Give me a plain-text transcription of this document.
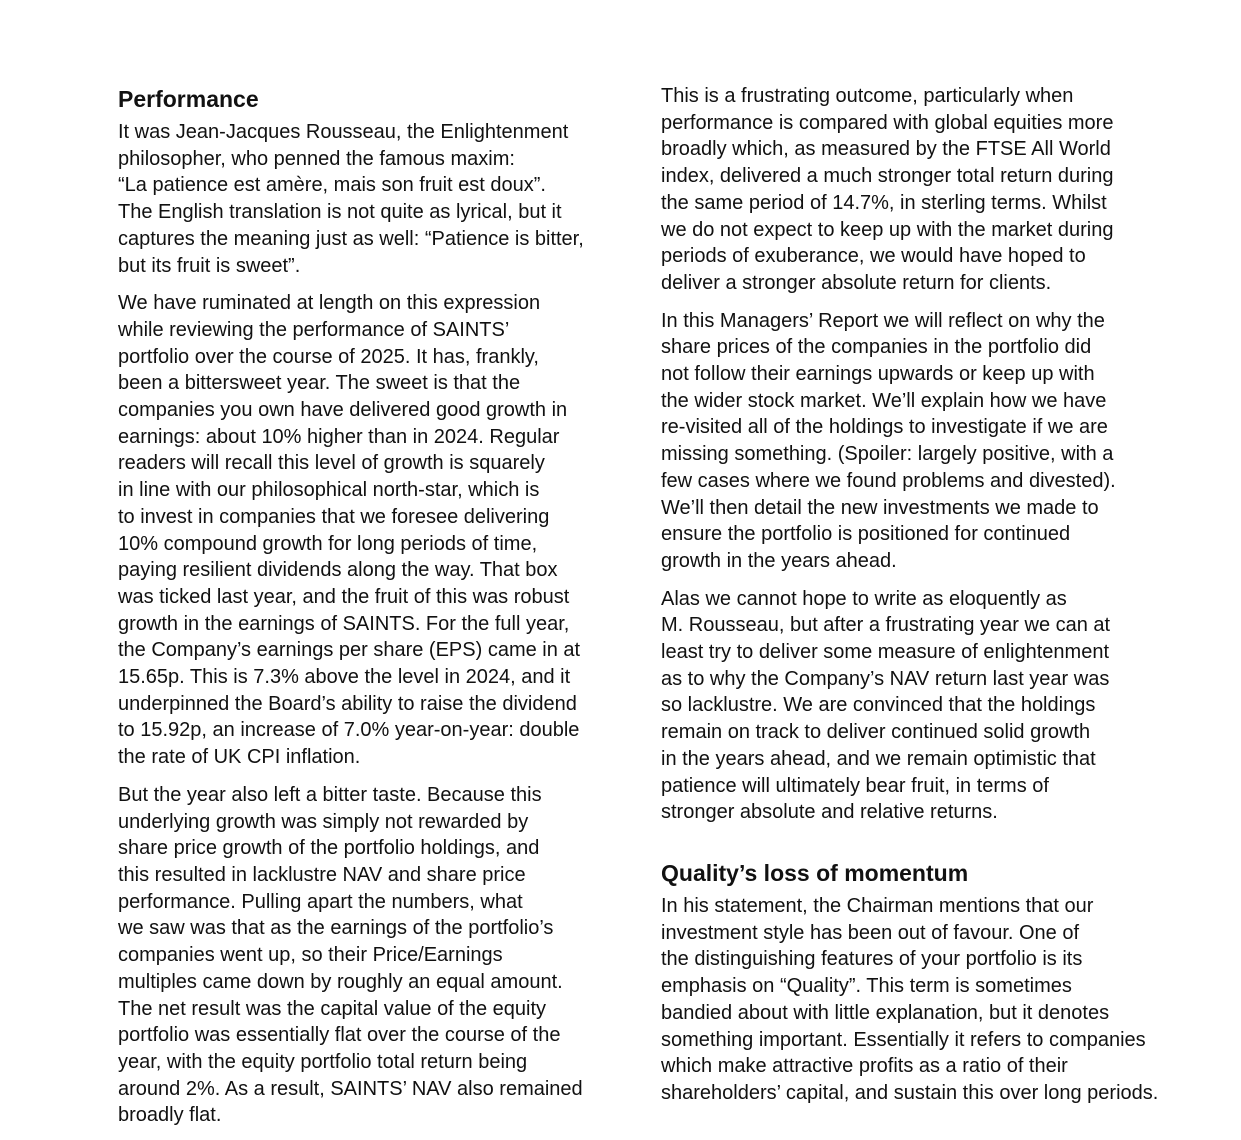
Performance

It was Jean-Jacques Rousseau, the Enlightenment
philosopher, who penned the famous maxim:
“La patience est amère, mais son fruit est doux”.
The English translation is not quite as lyrical, but it
captures the meaning just as well: “Patience is bitter,
but its fruit is sweet”.

We have ruminated at length on this expression
while reviewing the performance of SAINTS’
portfolio over the course of 2025. It has, frankly,
been a bittersweet year. The sweet is that the
companies you own have delivered good growth in
earnings: about 10% higher than in 2024. Regular
readers will recall this level of growth is squarely
in line with our philosophical north-star, which is
to invest in companies that we foresee delivering
10% compound growth for long periods of time,
paying resilient dividends along the way. That box
was ticked last year, and the fruit of this was robust
growth in the earnings of SAINTS. For the full year,
the Company’s earnings per share (EPS) came in at
15.65p. This is 7.3% above the level in 2024, and it
underpinned the Board’s ability to raise the dividend
to 15.92p, an increase of 7.0% year-on-year: double
the rate of UK CPI inflation.

But the year also left a bitter taste. Because this
underlying growth was simply not rewarded by
share price growth of the portfolio holdings, and
this resulted in lacklustre NAV and share price
performance. Pulling apart the numbers, what
we saw was that as the earnings of the portfolio’s
companies went up, so their Price/Earnings
multiples came down by roughly an equal amount.
The net result was the capital value of the equity
portfolio was essentially flat over the course of the
year, with the equity portfolio total return being
around 2%. As a result, SAINTS’ NAV also remained
broadly flat.

This is a frustrating outcome, particularly when
performance is compared with global equities more
broadly which, as measured by the FTSE All World
index, delivered a much stronger total return during
the same period of 14.7%, in sterling terms. Whilst
we do not expect to keep up with the market during
periods of exuberance, we would have hoped to
deliver a stronger absolute return for clients.

In this Managers’ Report we will reflect on why the
share prices of the companies in the portfolio did
not follow their earnings upwards or keep up with
the wider stock market. We’ll explain how we have
re-visited all of the holdings to investigate if we are
missing something. (Spoiler: largely positive, with a
few cases where we found problems and divested).
We’ll then detail the new investments we made to
ensure the portfolio is positioned for continued
growth in the years ahead.

Alas we cannot hope to write as eloquently as
M. Rousseau, but after a frustrating year we can at
least try to deliver some measure of enlightenment
as to why the Company’s NAV return last year was
so lacklustre. We are convinced that the holdings
remain on track to deliver continued solid growth
in the years ahead, and we remain optimistic that
patience will ultimately bear fruit, in terms of
stronger absolute and relative returns.

Quality’s loss of momentum

In his statement, the Chairman mentions that our
investment style has been out of favour. One of
the distinguishing features of your portfolio is its
emphasis on “Quality”. This term is sometimes
bandied about with little explanation, but it denotes
something important. Essentially it refers to companies
which make attractive profits as a ratio of their
shareholders’ capital, and sustain this over long periods.
